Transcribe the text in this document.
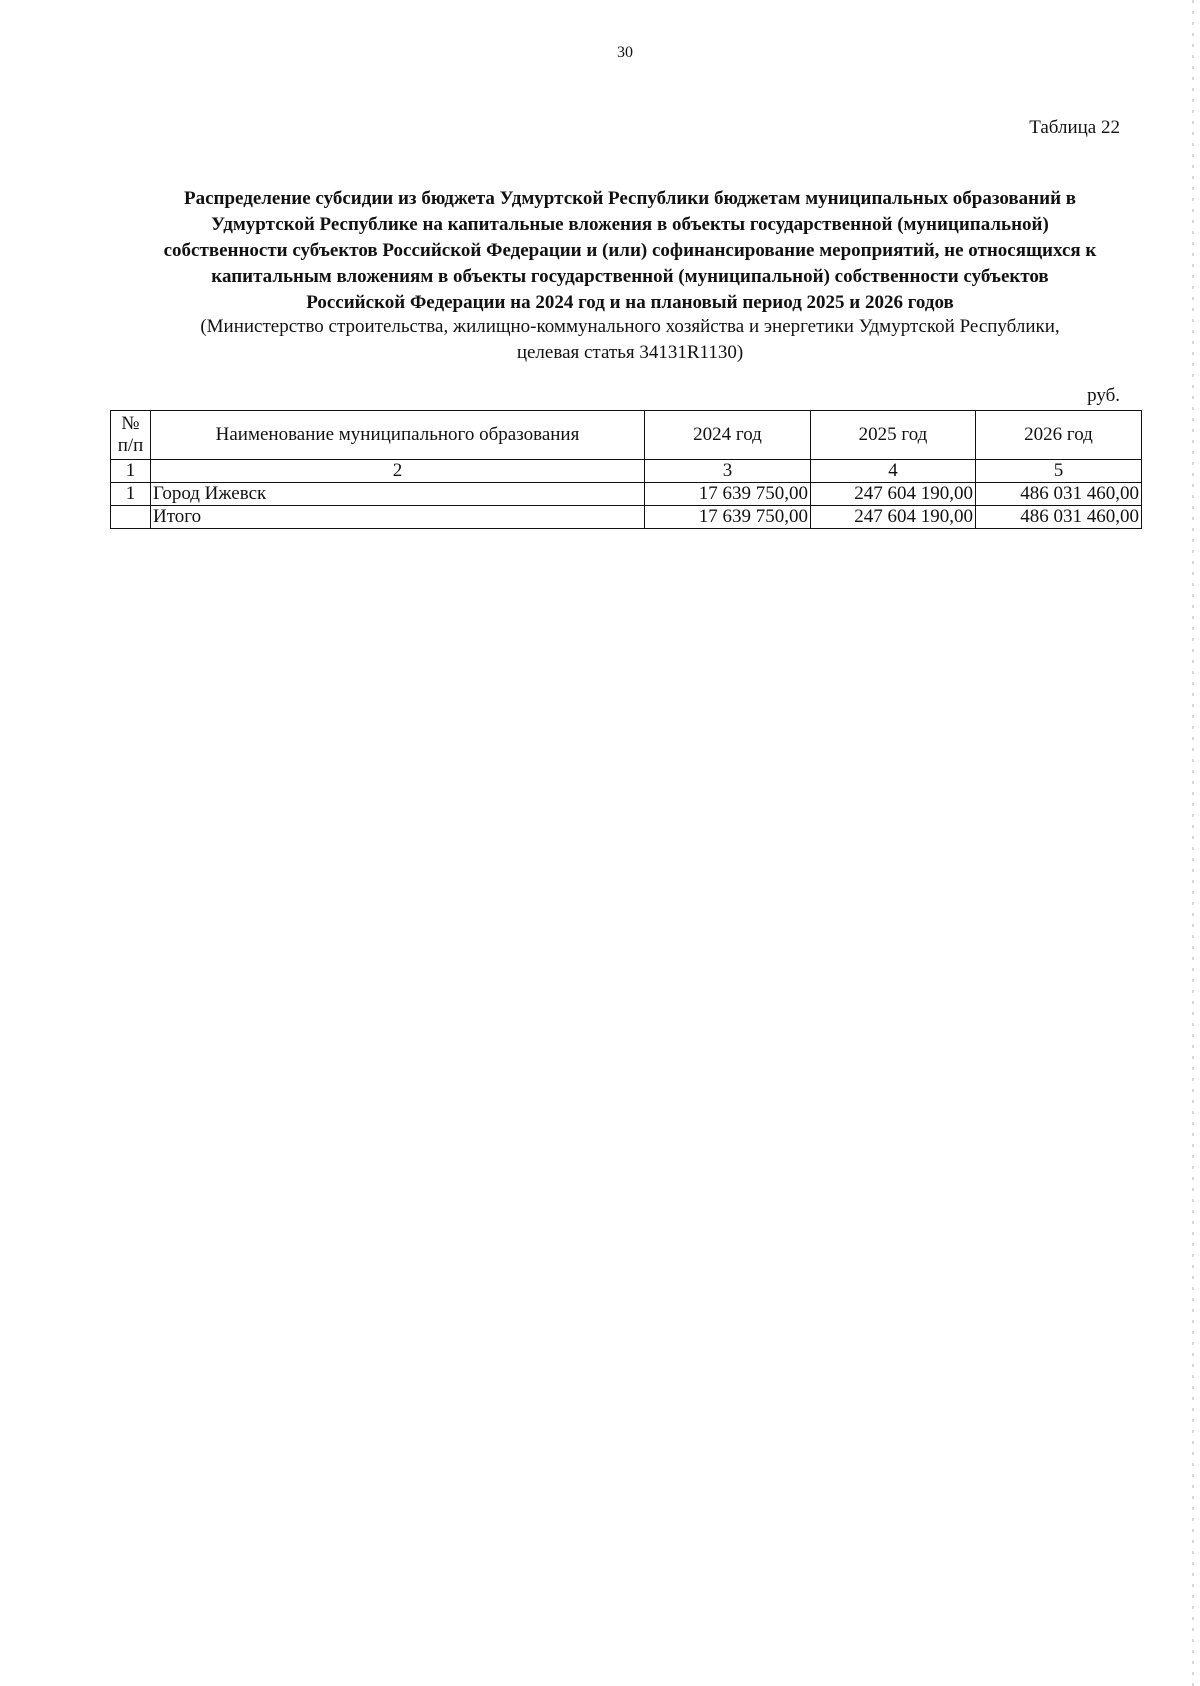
30
Таблица 22
Распределение субсидии из бюджета Удмуртской Республики бюджетам муниципальных образований в
Удмуртской Республике на капитальные вложения в объекты государственной (муниципальной)
собственности субъектов Российской Федерации и (или) софинансирование мероприятий, не относящихся к
капитальным вложениям в объекты государственной (муниципальной) собственности субъектов
Российской Федерации на 2024 год и на плановый период 2025 и 2026 годов
(Министерство строительства, жилищно-коммунального хозяйства и энергетики Удмуртской Республики,
целевая статья 34131R1130)
руб.
№ п/п	Наименование муниципального образования	2024 год	2025 год	2026 год
1	2	3	4	5
1	Город Ижевск	17 639 750,00	247 604 190,00	486 031 460,00
	Итого	17 639 750,00	247 604 190,00	486 031 460,00
